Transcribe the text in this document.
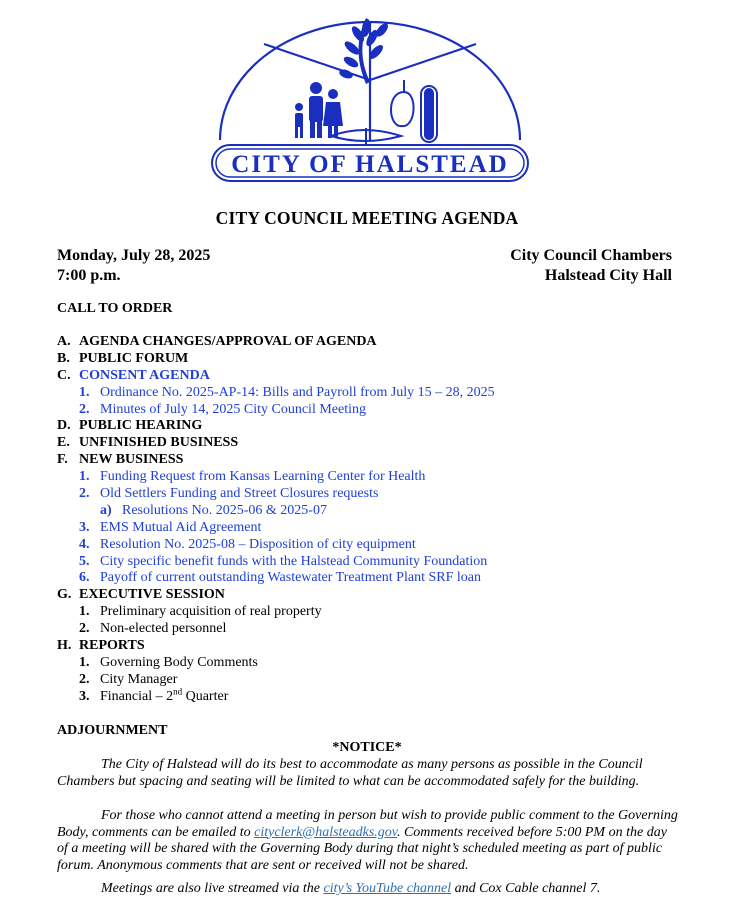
CITY OF HALSTEAD
CITY COUNCIL MEETING AGENDA
Monday, July 28, 2025
7:00 p.m.
City Council Chambers
Halstead City Hall
CALL TO ORDER
A. AGENDA CHANGES/APPROVAL OF AGENDA
B. PUBLIC FORUM
C. CONSENT AGENDA
1. Ordinance No. 2025-AP-14: Bills and Payroll from July 15 – 28, 2025
2. Minutes of July 14, 2025 City Council Meeting
D. PUBLIC HEARING
E. UNFINISHED BUSINESS
F. NEW BUSINESS
1. Funding Request from Kansas Learning Center for Health
2. Old Settlers Funding and Street Closures requests
a) Resolutions No. 2025-06 & 2025-07
3. EMS Mutual Aid Agreement
4. Resolution No. 2025-08 – Disposition of city equipment
5. City specific benefit funds with the Halstead Community Foundation
6. Payoff of current outstanding Wastewater Treatment Plant SRF loan
G. EXECUTIVE SESSION
1. Preliminary acquisition of real property
2. Non-elected personnel
H. REPORTS
1. Governing Body Comments
2. City Manager
3. Financial – 2nd Quarter
ADJOURNMENT
*NOTICE*

The City of Halstead will do its best to accommodate as many persons as possible in the Council Chambers but spacing and seating will be limited to what can be accommodated safely for the building.

For those who cannot attend a meeting in person but wish to provide public comment to the Governing Body, comments can be emailed to cityclerk@halsteadks.gov. Comments received before 5:00 PM on the day of a meeting will be shared with the Governing Body during that night’s scheduled meeting as part of public forum. Anonymous comments that are sent or received will not be shared.

Meetings are also live streamed via the city’s YouTube channel and Cox Cable channel 7.
